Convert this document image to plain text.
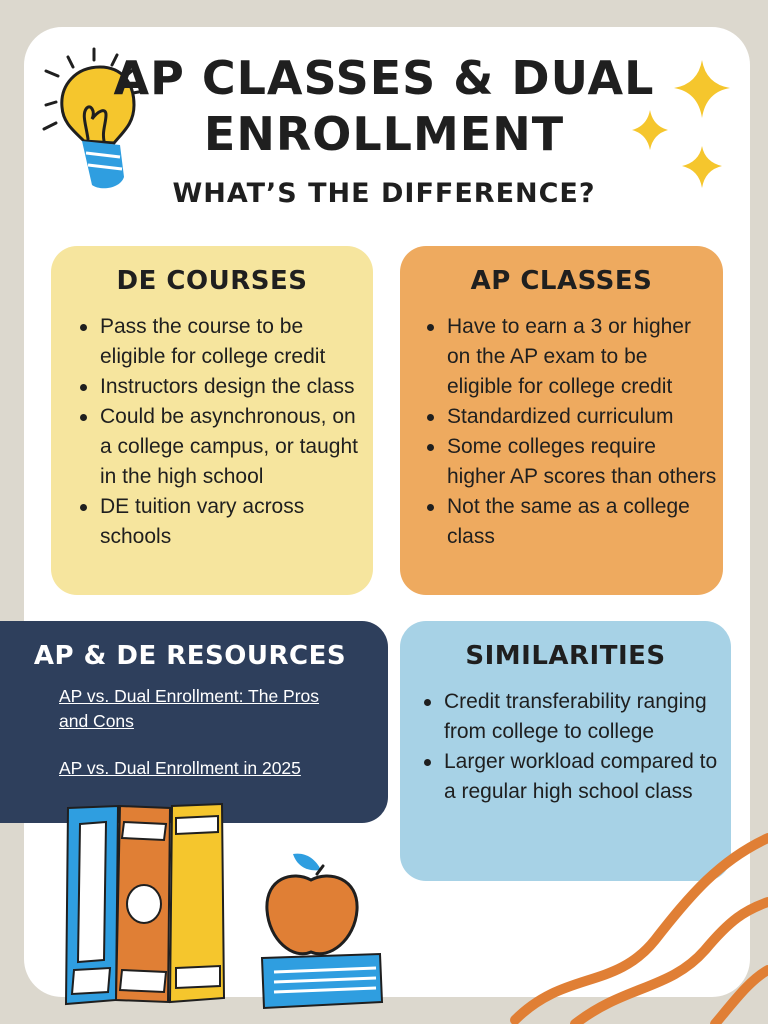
AP CLASSES & DUAL
ENROLLMENT
WHAT’S THE DIFFERENCE?
DE COURSES
Pass the course to be eligible for college credit
Instructors design the class
Could be asynchronous, on a college campus, or taught in the high school
DE tuition vary across schools
AP CLASSES
Have to earn a 3 or higher on the AP exam to be eligible for college credit
Standardized curriculum
Some colleges require higher AP scores than others
Not the same as a college class
AP & DE RESOURCES
AP vs. Dual Enrollment: The Pros and Cons
AP vs. Dual Enrollment in 2025
SIMILARITIES
Credit transferability ranging from college to college
Larger workload compared to a regular high school class
